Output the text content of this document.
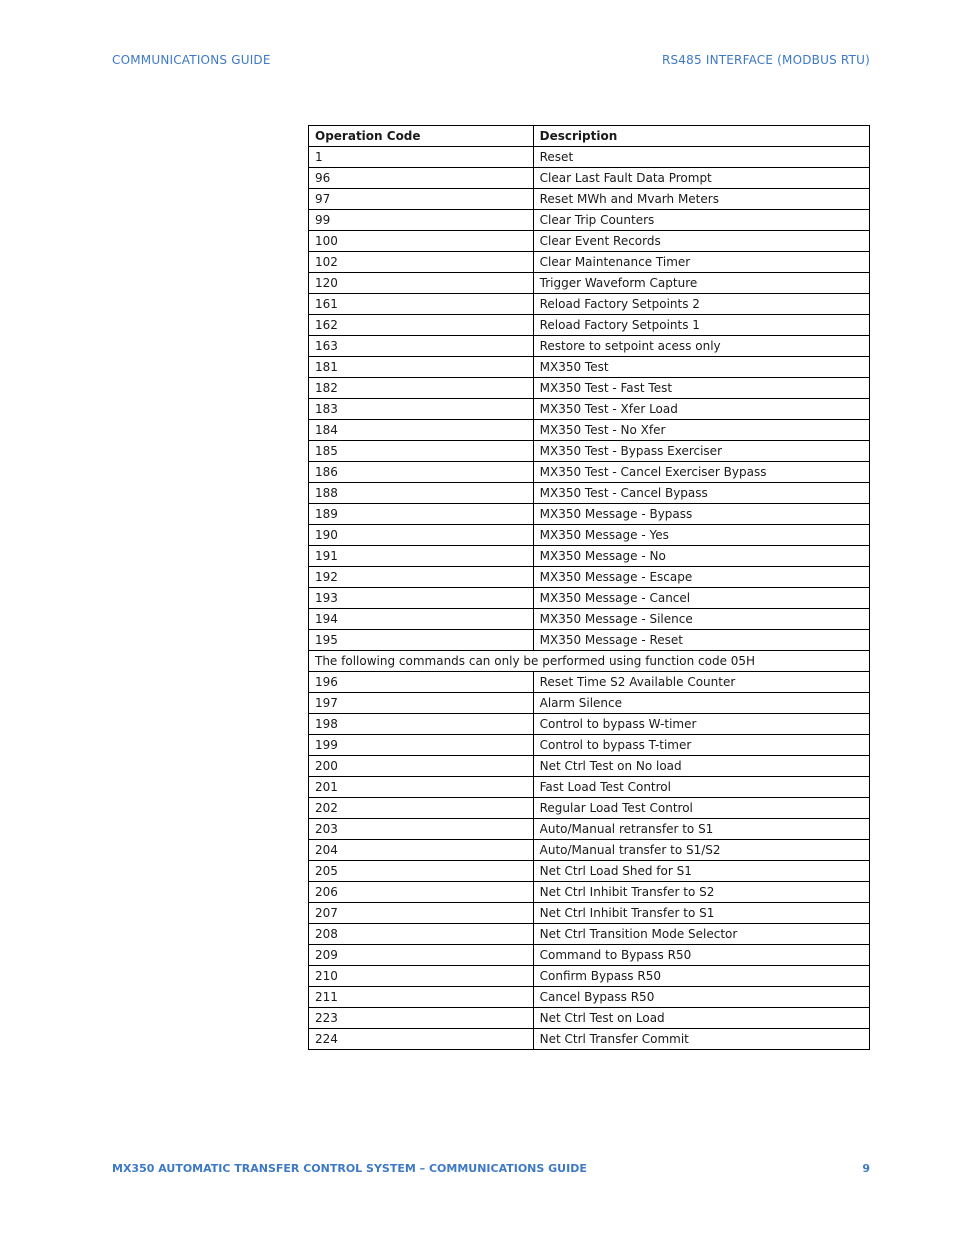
COMMUNICATIONS GUIDE	RS485 INTERFACE (MODBUS RTU)
Operation Code	Description
1	Reset
96	Clear Last Fault Data Prompt
97	Reset MWh and Mvarh Meters
99	Clear Trip Counters
100	Clear Event Records
102	Clear Maintenance Timer
120	Trigger Waveform Capture
161	Reload Factory Setpoints 2
162	Reload Factory Setpoints 1
163	Restore to setpoint acess only
181	MX350 Test
182	MX350 Test - Fast Test
183	MX350 Test - Xfer Load
184	MX350 Test - No Xfer
185	MX350 Test - Bypass Exerciser
186	MX350 Test - Cancel Exerciser Bypass
188	MX350 Test - Cancel Bypass
189	MX350 Message - Bypass
190	MX350 Message - Yes
191	MX350 Message - No
192	MX350 Message - Escape
193	MX350 Message - Cancel
194	MX350 Message - Silence
195	MX350 Message - Reset
The following commands can only be performed using function code 05H	
196	Reset Time S2 Available Counter
197	Alarm Silence
198	Control to bypass W-timer
199	Control to bypass T-timer
200	Net Ctrl Test on No load
201	Fast Load Test Control
202	Regular Load Test Control
203	Auto/Manual retransfer to S1
204	Auto/Manual transfer to S1/S2
205	Net Ctrl Load Shed for S1
206	Net Ctrl Inhibit Transfer to S2
207	Net Ctrl Inhibit Transfer to S1
208	Net Ctrl Transition Mode Selector
209	Command to Bypass R50
210	Confirm Bypass R50
211	Cancel Bypass R50
223	Net Ctrl Test on Load
224	Net Ctrl Transfer Commit
MX350 AUTOMATIC TRANSFER CONTROL SYSTEM – COMMUNICATIONS GUIDE	9
